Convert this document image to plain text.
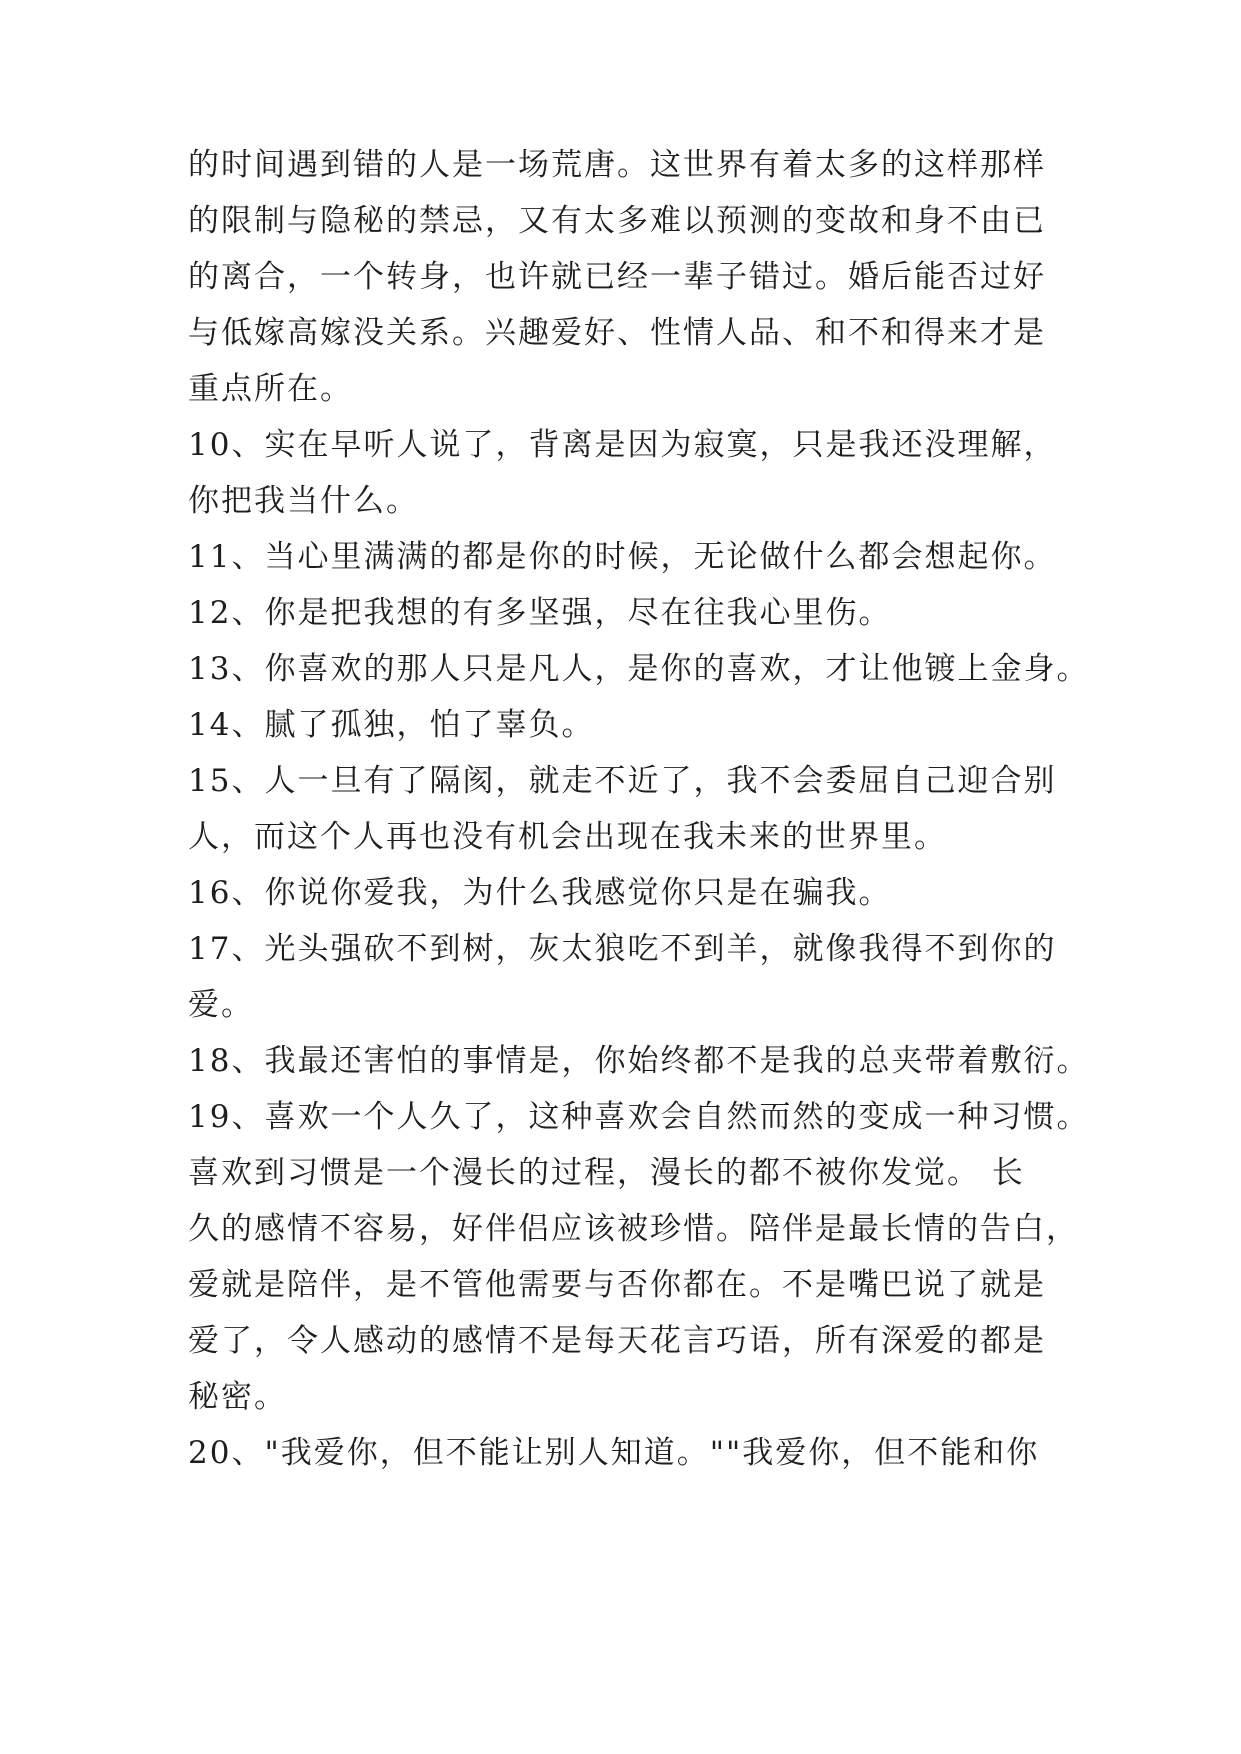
的时间遇到错的人是一场荒唐。这世界有着太多的这样那样
的限制与隐秘的禁忌，又有太多难以预测的变故和身不由已
的离合，一个转身，也许就已经一辈子错过。婚后能否过好
与低嫁高嫁没关系。兴趣爱好、性情人品、和不和得来才是
重点所在。
10、实在早听人说了，背离是因为寂寞，只是我还没理解，
你把我当什么。
11、当心里满满的都是你的时候，无论做什么都会想起你。
12、你是把我想的有多坚强，尽在往我心里伤。
13、你喜欢的那人只是凡人，是你的喜欢，才让他镀上金身。
14、腻了孤独，怕了辜负。
15、人一旦有了隔阂，就走不近了，我不会委屈自己迎合别
人，而这个人再也没有机会出现在我未来的世界里。
16、你说你爱我，为什么我感觉你只是在骗我。
17、光头强砍不到树，灰太狼吃不到羊，就像我得不到你的
爱。
18、我最还害怕的事情是，你始终都不是我的总夹带着敷衍。
19、喜欢一个人久了，这种喜欢会自然而然的变成一种习惯。
喜欢到习惯是一个漫长的过程，漫长的都不被你发觉。 长
久的感情不容易，好伴侣应该被珍惜。陪伴是最长情的告白，
爱就是陪伴，是不管他需要与否你都在。不是嘴巴说了就是
爱了，令人感动的感情不是每天花言巧语，所有深爱的都是
秘密。
20、"我爱你，但不能让别人知道。""我爱你，但不能和你
